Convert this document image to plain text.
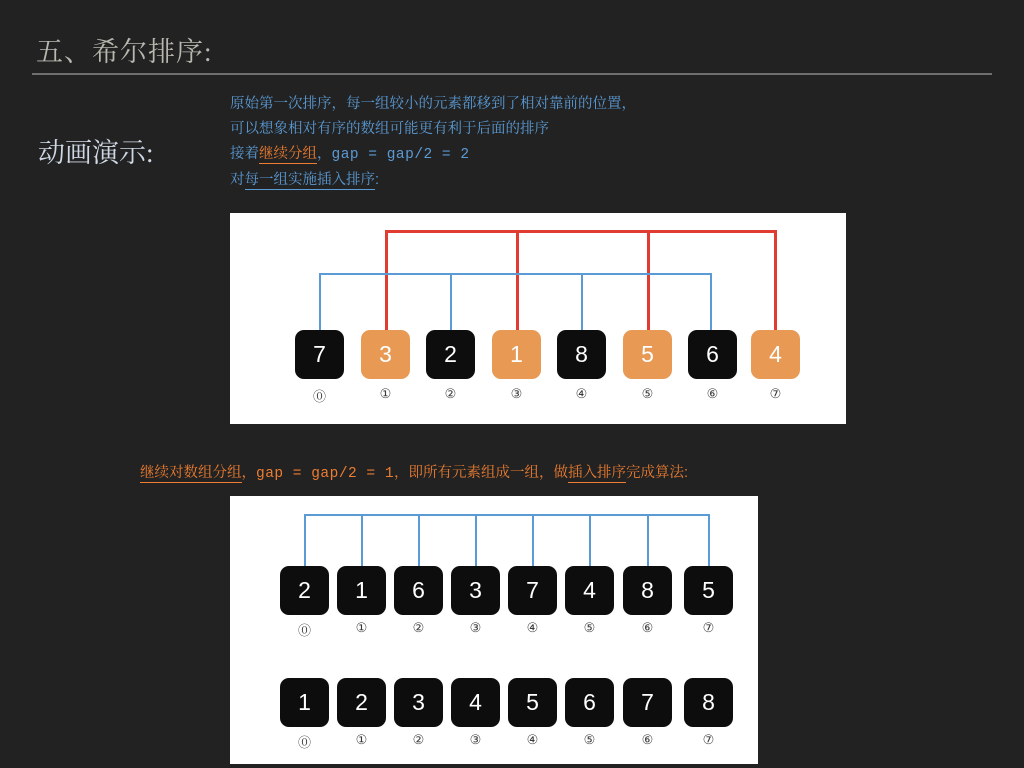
五、希尔排序:
动画演示:
原始第一次排序，每一组较小的元素都移到了相对靠前的位置，
可以想象相对有序的数组可能更有利于后面的排序
接着继续分组，gap = gap/2 = 2
对每一组实施插入排序:
7	3	2	1	8	5	6	4
⓪	①	②	③	④	⑤	⑥	⑦
继续对数组分组，gap = gap/2 = 1，即所有元素组成一组，做插入排序完成算法:
2	1	6	3	7	4	8	5
⓪	①	②	③	④	⑤	⑥	⑦
1	2	3	4	5	6	7	8
⓪	①	②	③	④	⑤	⑥	⑦
